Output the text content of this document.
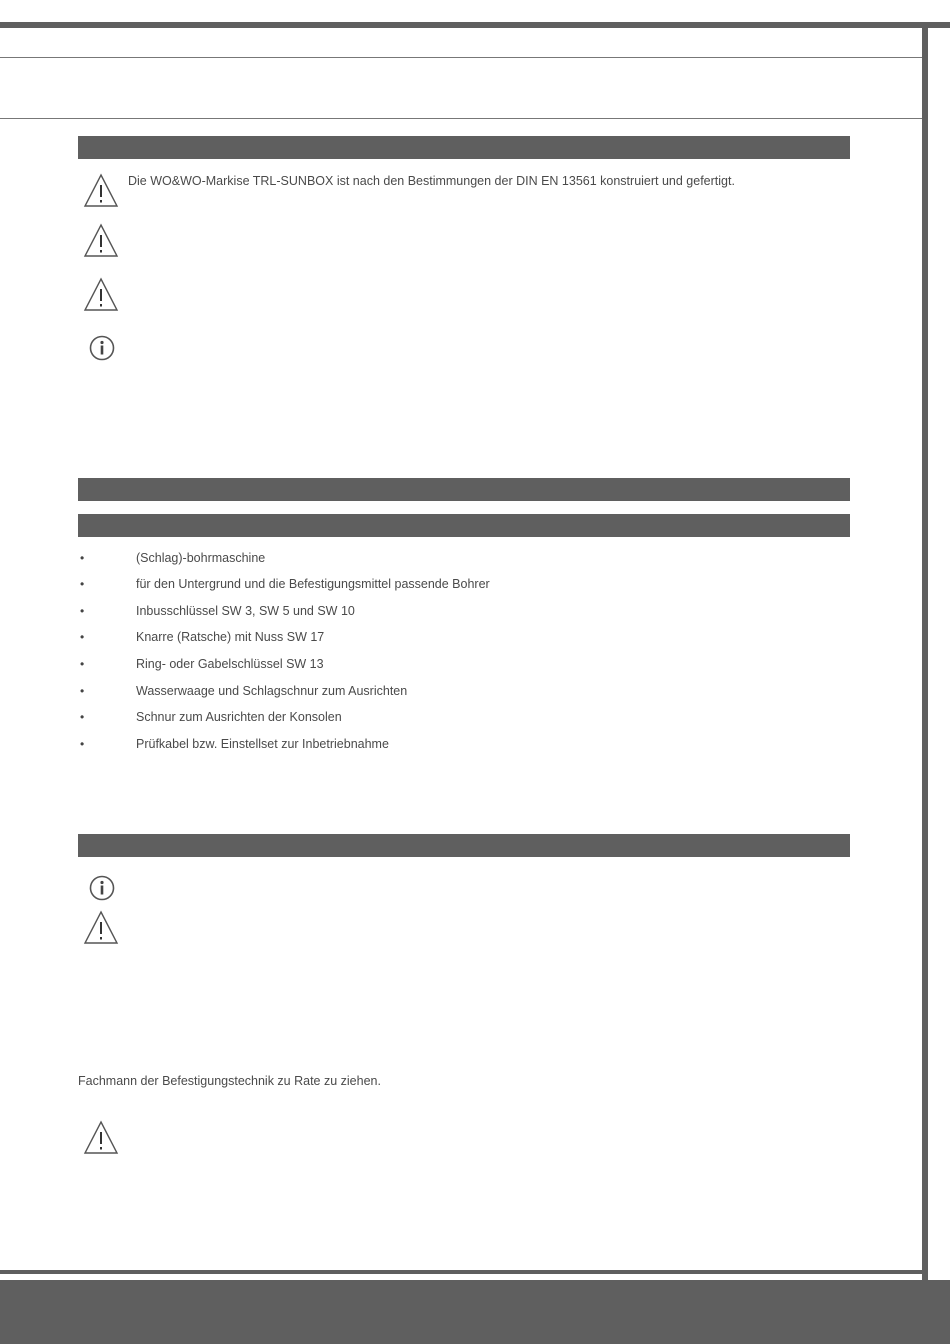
Die WO&WO-Markise TRL-SUNBOX ist nach den Bestimmungen der DIN EN 13561 konstruiert und gefertigt.
•	(Schlag)-bohrmaschine
•	für den Untergrund und die Befestigungsmittel passende Bohrer
•	Inbusschlüssel SW 3, SW 5 und SW 10
•	Knarre (Ratsche) mit Nuss SW 17
•	Ring- oder Gabelschlüssel SW 13
•	Wasserwaage und Schlagschnur zum Ausrichten
•	Schnur zum Ausrichten der Konsolen
•	Prüfkabel bzw. Einstellset zur Inbetriebnahme
Fachmann der Befestigungstechnik zu Rate zu ziehen.
